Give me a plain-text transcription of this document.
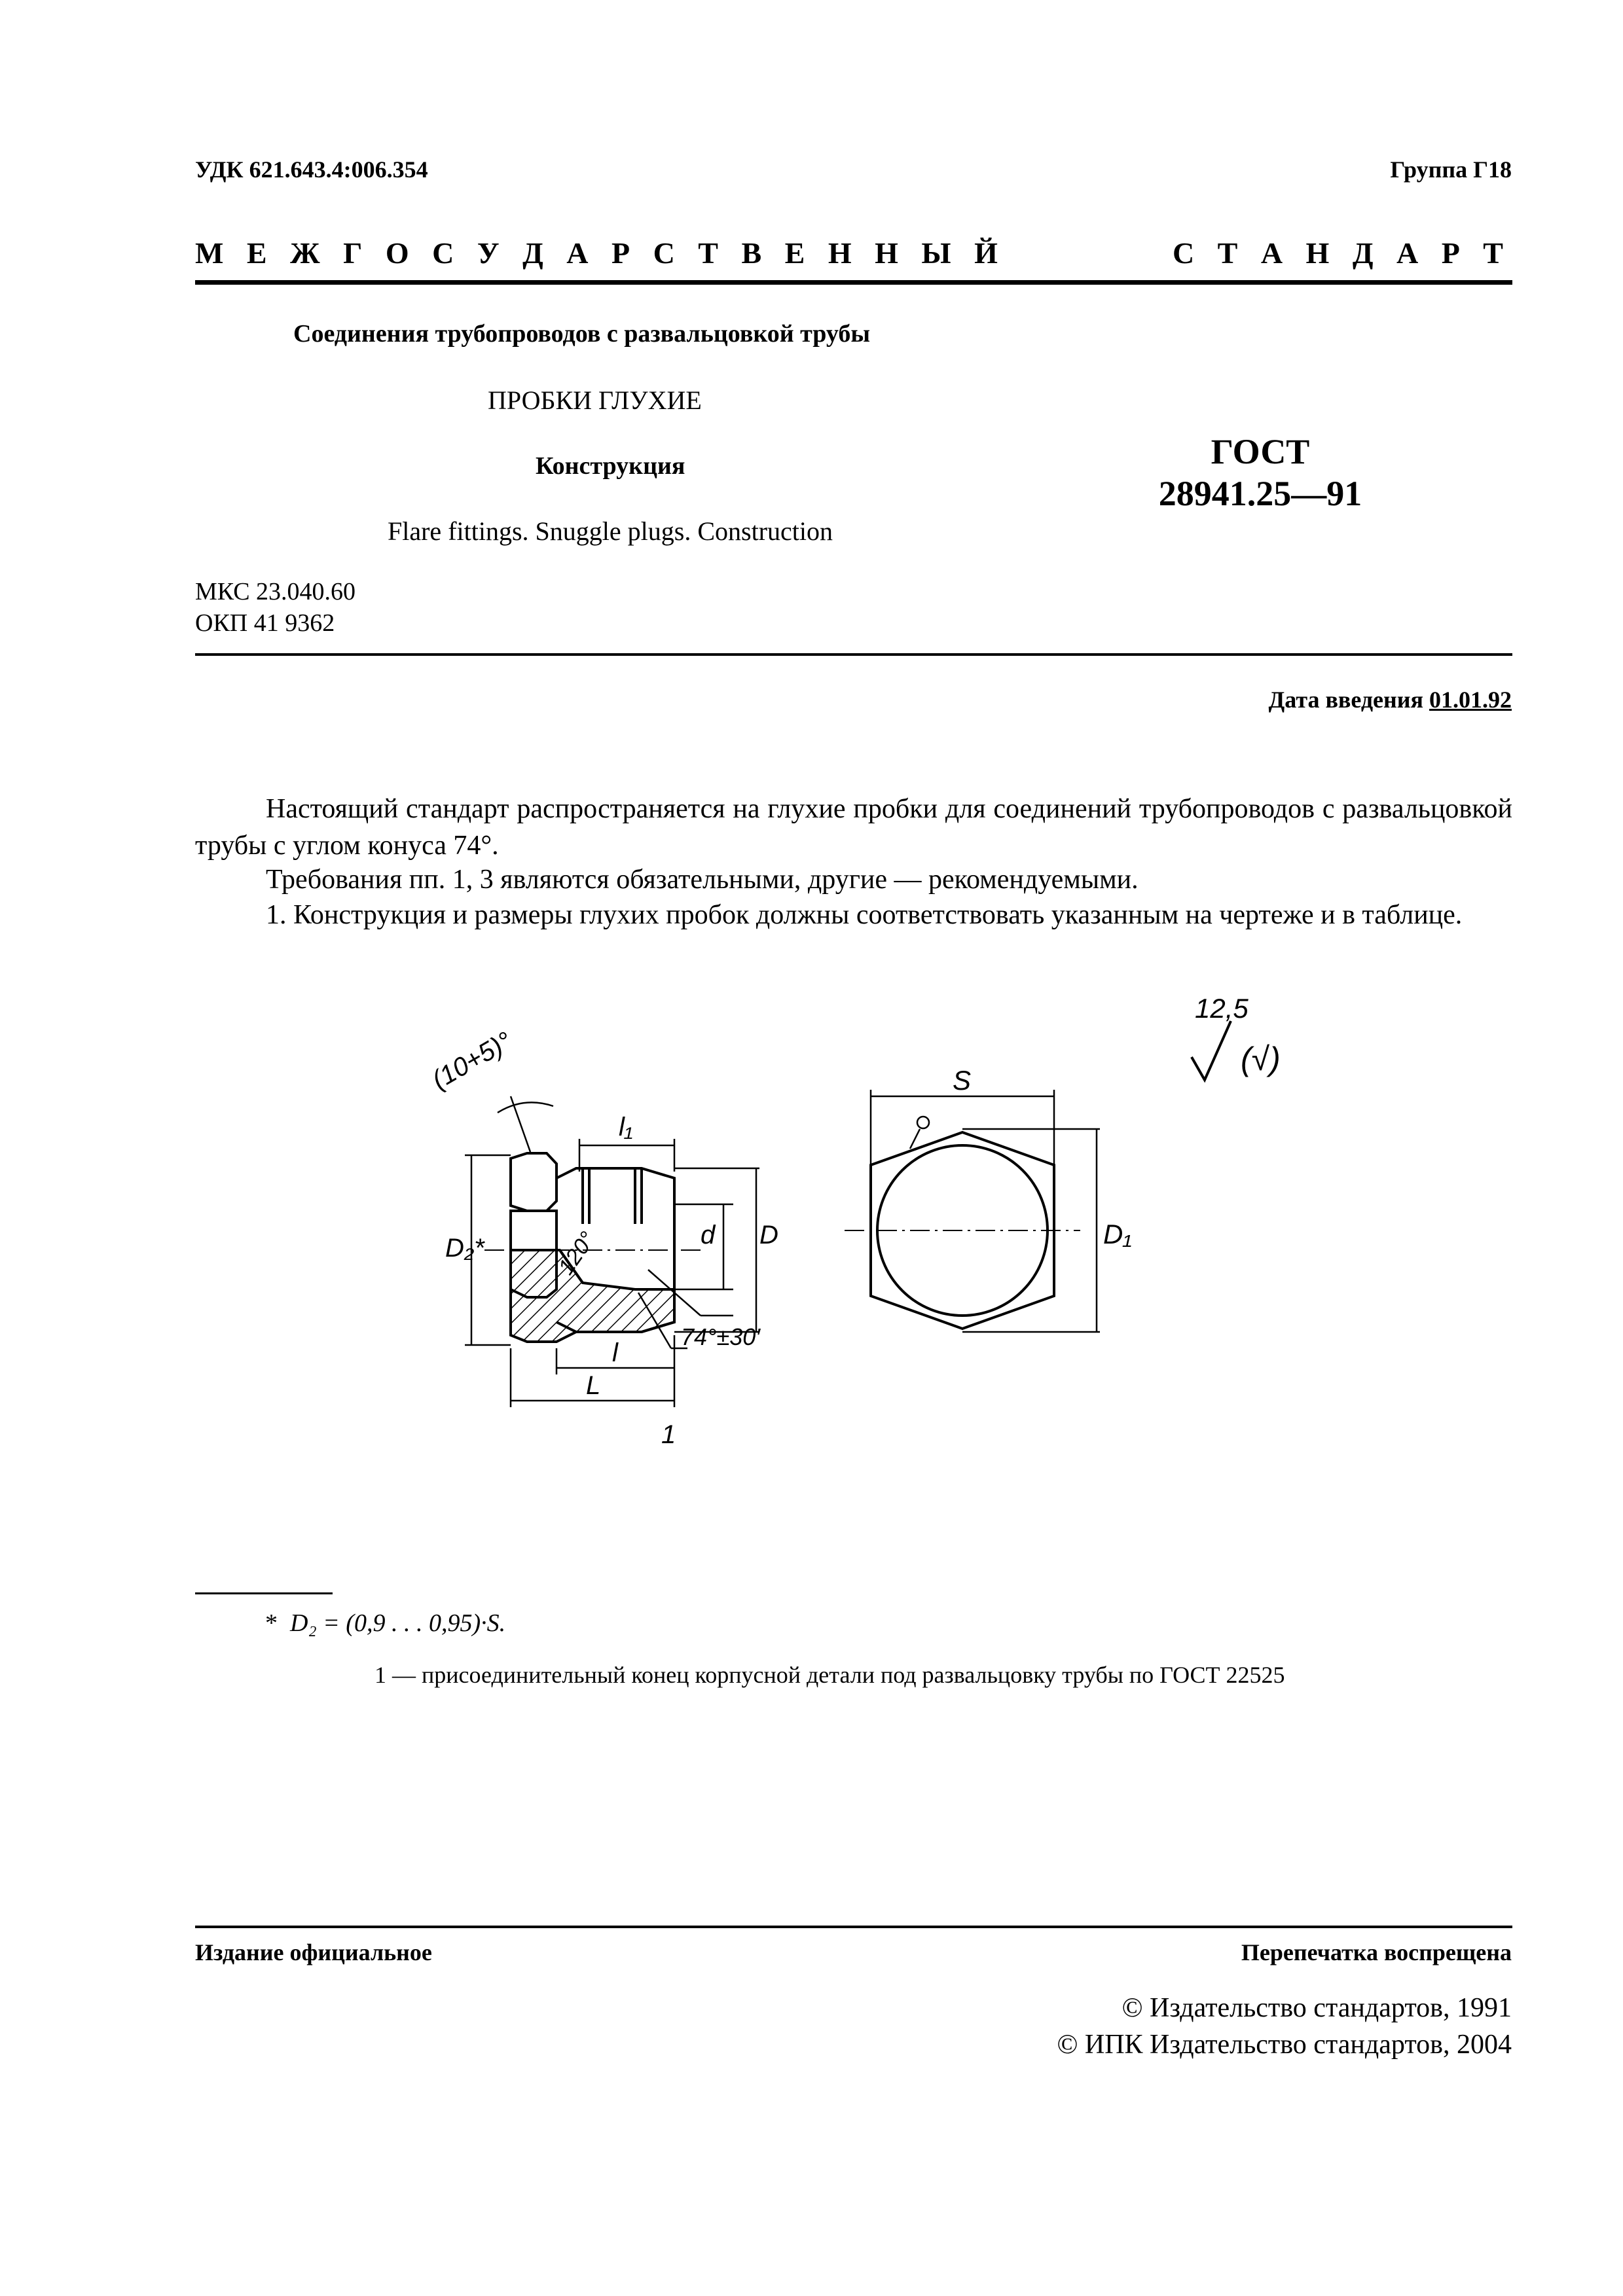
УДК 621.643.4:006.354	Группа Г18
М Е Ж Г О С У Д А Р С Т В Е Н Н Ы Й	С Т А Н Д А Р Т
Соединения трубопроводов с развальцовкой трубы
ПРОБКИ ГЛУХИЕ
Конструкция
Flare fittings. Snuggle plugs. Construction
ГОСТ
28941.25—91
МКС 23.040.60
ОКП 41 9362
Дата введения 01.01.92
Настоящий стандарт распространяется на глухие пробки для соединений трубопроводов с развальцовкой трубы с углом конуса 74°.
Требования пп. 1, 3 являются обязательными, другие — рекомендуемыми.
1. Конструкция и размеры глухих пробок должны соответствовать указанным на чертеже и в таблице.
(10+5)°
l₁
D₂*	d D
120°
74°±30′
l
L
1
S
D₁
12,5
(√)
* D₂ = (0,9 . . . 0,95)·S.
1 — присоединительный конец корпусной детали под развальцовку трубы по ГОСТ 22525
Издание официальное	Перепечатка воспрещена
© Издательство стандартов, 1991
© ИПК Издательство стандартов, 2004
